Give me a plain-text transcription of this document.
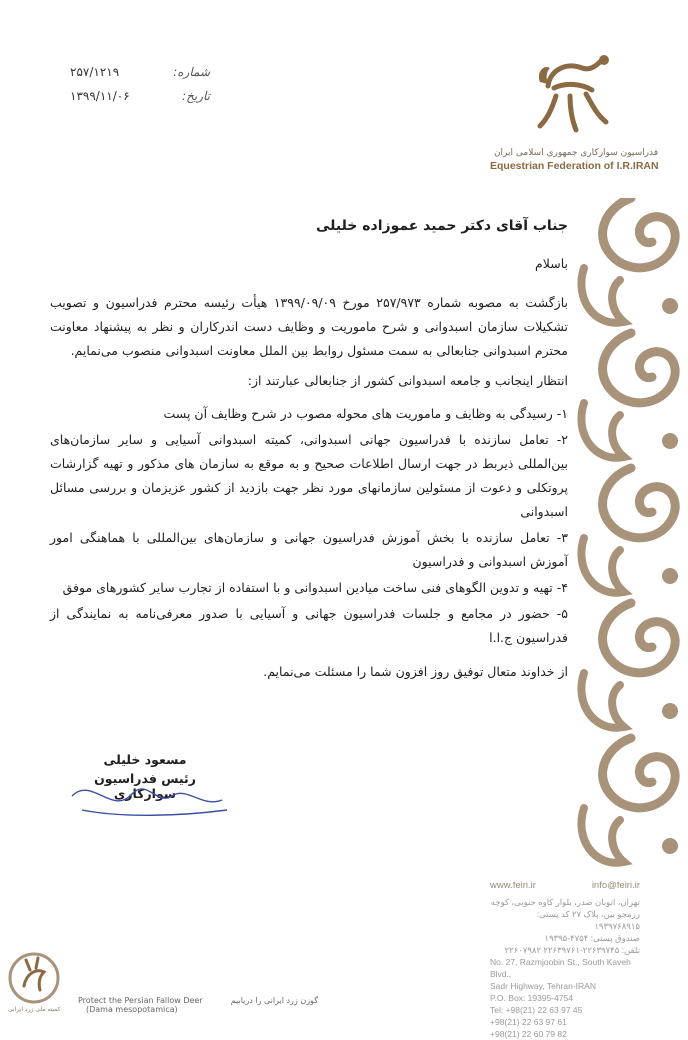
شماره:
۲۵۷/۱۲۱۹
تاریخ:
۱۳۹۹/۱۱/۰۶
فدراسیون سوارکاری جمهوری اسلامی ایران
Equestrian Federation of I.R.IRAN

جناب آقای دکتر حمید عموزاده خلیلی

باسلام

بازگشت به مصوبه شماره ۲۵۷/۹۷۳ مورخ ۱۳۹۹/۰۹/۰۹ هیأت رئیسه محترم فدراسیون و تصویب تشکیلات سازمان اسبدوانی و شرح ماموریت و وظایف دست اندرکاران و نظر به پیشنهاد معاونت محترم اسبدوانی جنابعالی به سمت مسئول روابط بین الملل معاونت اسبدوانی منصوب می‌نمایم.

انتظار اینجانب و جامعه اسبدوانی کشور از جنابعالی عبارتند از:

۱- رسیدگی به وظایف و ماموریت های محوله مصوب در شرح وظایف آن پست

۲- تعامل سازنده با فدراسیون جهانی اسبدوانی، کمیته اسبدوانی آسیایی و سایر سازمان‌های بین‌المللی ذیربط در جهت ارسال اطلاعات صحیح و به موقع به سازمان های مذکور و تهیه گزارشات پروتکلی و دعوت از مسئولین سازمانهای مورد نظر جهت بازدید از کشور عزیزمان و بررسی مسائل اسبدوانی

۳- تعامل سازنده با بخش آموزش فدراسیون جهانی و سازمان‌های بین‌المللی با هماهنگی امور آموزش اسبدوانی و فدراسیون

۴- تهیه و تدوین الگوهای فنی ساخت میادین اسبدوانی و با استفاده از تجارب سایر کشورهای موفق

۵- حضور در مجامع و جلسات فدراسیون جهانی و آسیایی با صدور معرفی‌نامه به نمایندگی از فدراسیون ج.ا.ا

از خداوند متعال توفیق روز افزون شما را مسئلت می‌نمایم.

مسعود خلیلی
رئیس فدراسیون سوارکاری
www.feiri.ir	info@feiri.ir
تهران، اتوبان صدر، بلوار کاوه جنوبی، کوچه
رزمجو بین، پلاک ۲۷ کد پستی: ۱۹۳۹۷۶۸۹۱۵
صندوق پستی: ۴۷۵۴-۱۹۳۹۵
تلفن: ۲۲۶۳۹۷۴۵-۲۲۶۳۹۷۶۱ ۲۲۶۰۷۹۸۲
No. 27, Razmjoobin St., South Kaveh Blvd.,
Sadr Highway, Tehran-IRAN
P.O. Box: 19395-4754
Tel: +98(21) 22 63 97 45
+98(21) 22 63 97 61
+98(21) 22 60 79 82
کمیته ملی زرد ایرانی
Protect the Persian Fallow Deer	گوزن زرد ایرانی را دریابیم
(Dama mesopotamica)
